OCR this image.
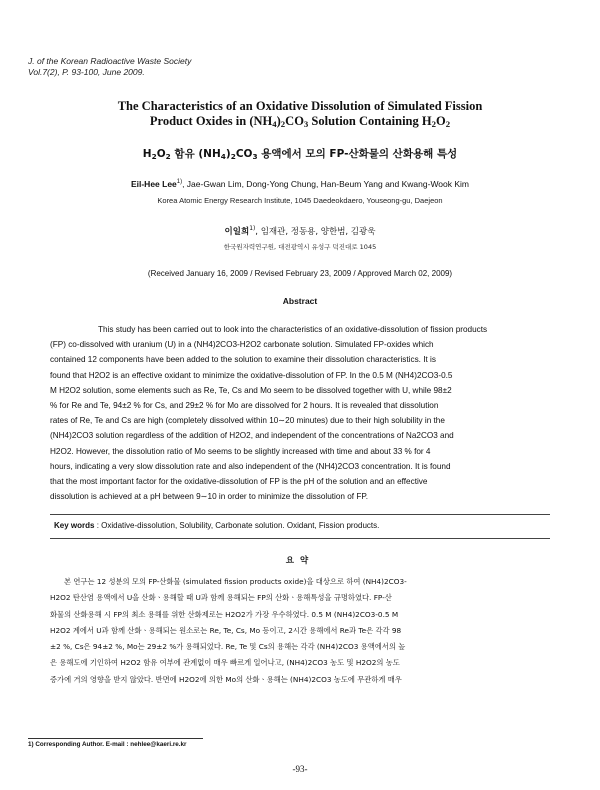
J. of the Korean Radioactive Waste Society
Vol.7(2), P. 93-100, June 2009.
The Characteristics of an Oxidative Dissolution of Simulated Fission
Product Oxides in $(NH_4)_2CO_3$ Solution Containing $H_2O_2$
$H_2O_2$ 함유 $(NH_4)_2CO_3$ 용액에서 모의 FP-산화물의 산화용해 특성
Eil-Hee Lee$^{1)}$, Jae-Gwan Lim, Dong-Yong Chung, Han-Beum Yang and Kwang-Wook Kim
Korea Atomic Energy Research Institute, 1045 Daedeokdaero, Youseong-gu, Daejeon
이일희$^{1)}$, 임재관, 정동용, 양한범, 김광욱
한국원자력연구원, 대전광역시 유성구 덕진대로 1045
(Received January 16, 2009 / Revised February 23, 2009 / Approved March 02, 2009)
Abstract

This study has been carried out to look into the characteristics of an oxidative-dissolution of fission products

(FP) co-dissolved with uranium (U) in a (NH4)2CO3-H2O2 carbonate solution. Simulated FP-oxides which
contained 12 components have been added to the solution to examine their dissolution characteristics. It is
found that H2O2 is an effective oxidant to minimize the oxidative-dissolution of FP. In the 0.5 M (NH4)2CO3-0.5
M H2O2 solution, some elements such as Re, Te, Cs and Mo seem to be dissolved together with U, while 98±2
% for Re and Te, 94±2 % for Cs, and 29±2 % for Mo are dissolved for 2 hours. It is revealed that dissolution
rates of Re, Te and Cs are high (completely dissolved within 10∼20 minutes) due to their high solubility in the
(NH4)2CO3 solution regardless of the addition of H2O2, and independent of the concentrations of Na2CO3 and
H2O2. However, the dissolution ratio of Mo seems to be slightly increased with time and about 33 % for 4
hours, indicating a very slow dissolution rate and also independent of the (NH4)2CO3 concentration. It is found
that the most important factor for the oxidative-dissolution of FP is the pH of the solution and an effective
dissolution is achieved at a pH between 9∼10 in order to minimize the dissolution of FP.
Key words : Oxidative-dissolution, Solubility, Carbonate solution. Oxidant, Fission products.
요약

본 연구는 12 성분의 모의 FP-산화물 (simulated fission products oxide)을 대상으로 하여 (NH4)2CO3-

H2O2 탄산염 용액에서 U을 산화ㆍ용해할 때 U과 함께 용해되는 FP의 산화ㆍ용해특성을 규명하였다. FP-산
화물의 산화용해 시 FP의 최소 용해를 위한 산화제로는 H2O2가 가장 우수하였다. 0.5 M (NH4)2CO3-0.5 M
H2O2 계에서 U과 함께 산화ㆍ용해되는 원소로는 Re, Te, Cs, Mo 등이고, 2시간 용해에서 Re과 Te은 각각 98
±2 %, Cs은 94±2 %, Mo는 29±2 %가 용해되었다. Re, Te 및 Cs의 용해는 각각 (NH4)2CO3 용액에서의 높
은 용해도에 기인하여 H2O2 함유 여부에 관계없이 매우 빠르게 일어나고, (NH4)2CO3 농도 및 H2O2의 농도
증가에 거의 영향을 받지 않았다. 반면에 H2O2에 의한 Mo의 산화ㆍ용해는 (NH4)2CO3 농도에 무관하게 매우
1) Corresponding Author. E-mail : nehlee@kaeri.re.kr
-93-
